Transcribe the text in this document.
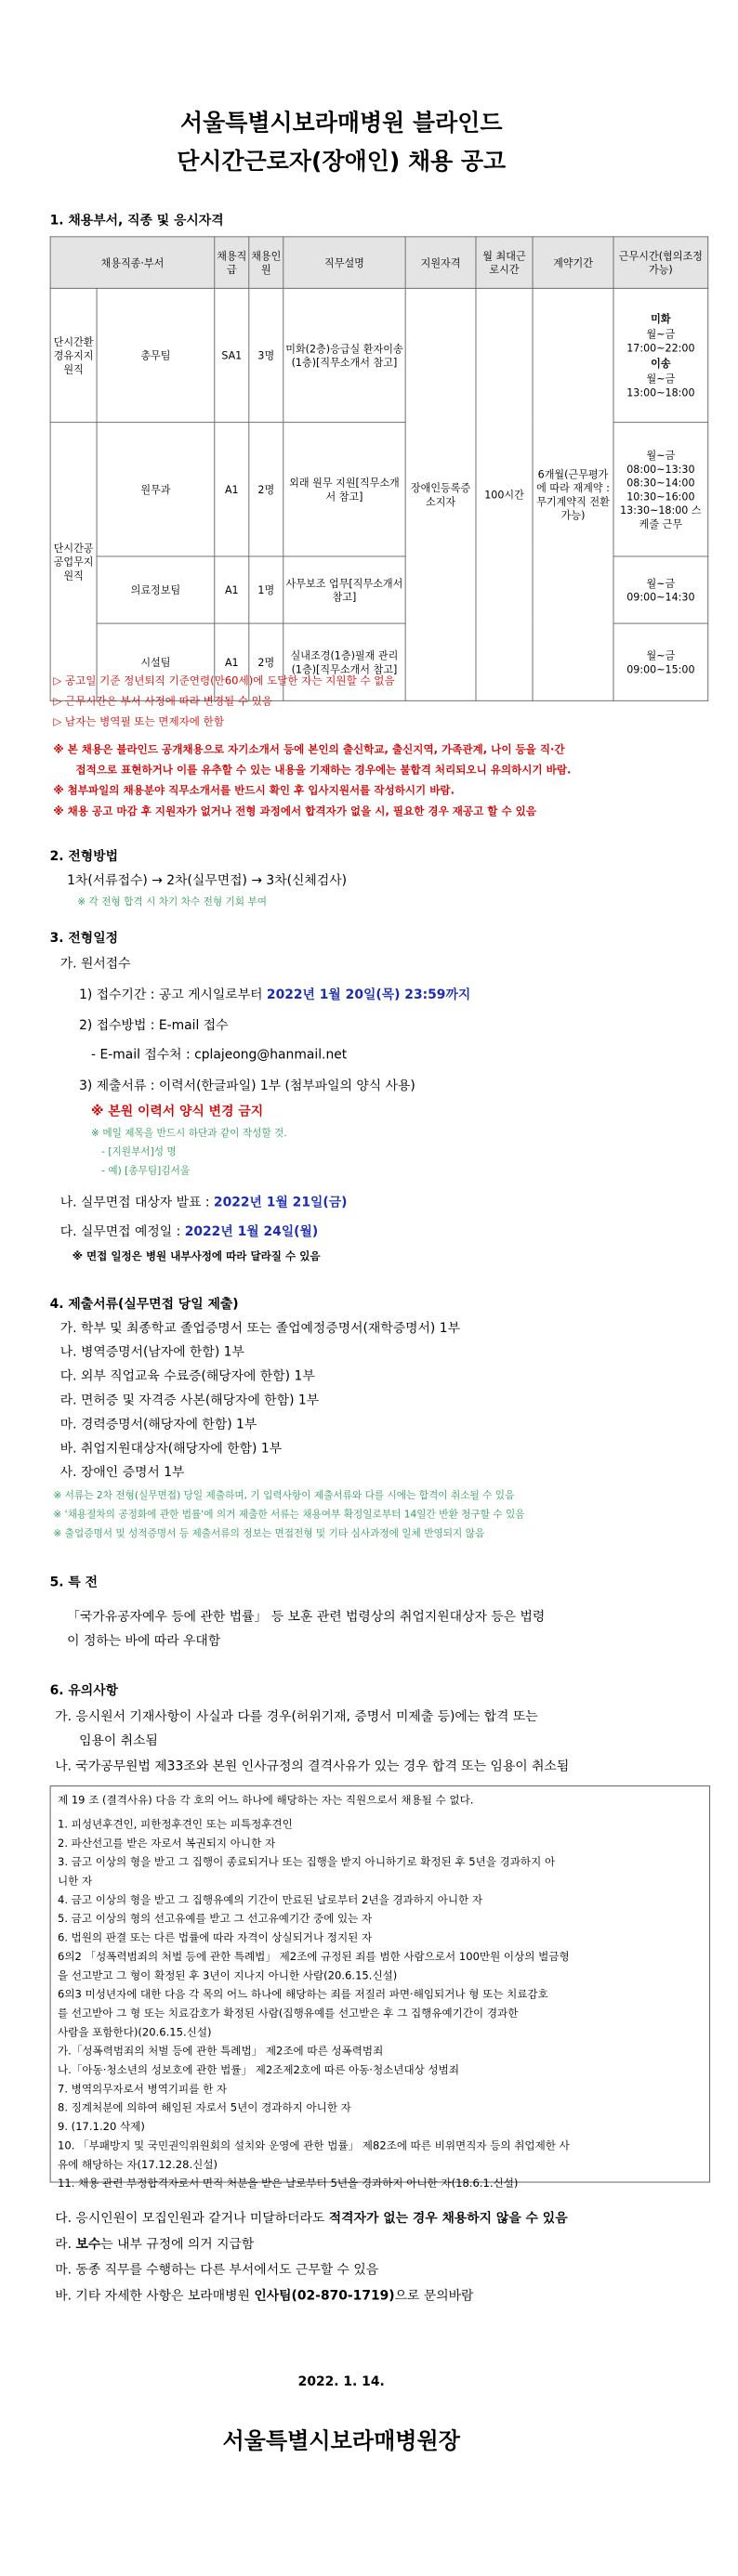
서울특별시보라매병원 블라인드
단시간근로자(장애인) 채용 공고
1. 채용부서, 직종 및 응시자격
채용직종·부서		채용직급	채용인원	직무설명	지원자격	월 최대근로시간	계약기간	근무시간(협의조정가능)
단시간환경유지지원직	총무팀	SA1	3명	미화(2층)응급실 환자이송(1층)[직무소개서 참고]	장애인등록증 소지자	100시간	6개월(근무평가에 따라 재계약 : 무기계약직 전환 가능)	미화
월~금 17:00~22:00
이송
월~금 13:00~18:00

단시간공공업무지원직	원무과	A1	2명	외래 원무 지원[직무소개서 참고]				월~금 08:00~13:30 08:30~14:00 10:30~16:00 13:30~18:00 스케줄 근무
	의료정보팀	A1	1명	사무보조 업무[직무소개서 참고]				월~금 09:00~14:30
	시설팀	A1	2명	실내조경(1층)필재 관리(1층)[직무소개서 참고]				월~금 09:00~15:00
▷ 공고일 기준 정년퇴직 기준연령(만60세)에 도달한 자는 지원할 수 없음
▷ 근무시간은 부서 사정에 따라 변경될 수 있음
▷ 남자는 병역필 또는 면제자에 한함
※ 본 채용은 블라인드 공개채용으로 자기소개서 등에 본인의 출신학교, 출신지역, 가족관계, 나이 등을 직·간
접적으로 표현하거나 이를 유추할 수 있는 내용을 기재하는 경우에는 불합격 처리되오니 유의하시기 바람.
※ 첨부파일의 채용분야 직무소개서를 반드시 확인 후 입사지원서를 작성하시기 바람.
※ 채용 공고 마감 후 지원자가 없거나 전형 과정에서 합격자가 없을 시, 필요한 경우 재공고 할 수 있음
2. 전형방법
1차(서류접수) → 2차(실무면접) → 3차(신체검사)
※ 각 전형 합격 시 차기 차수 전형 기회 부여
3. 전형일정
가. 원서접수
1) 접수기간 : 공고 게시일로부터 2022년 1월 20일(목) 23:59까지
2) 접수방법 : E-mail 접수
- E-mail 접수처 : cplajeong@hanmail.net
3) 제출서류 : 이력서(한글파일) 1부 (첨부파일의 양식 사용)
※ 본원 이력서 양식 변경 금지
※ 메일 제목을 반드시 하단과 같이 작성할 것.
- [지원부서]성 명
- 예) [총무팀]김서울
나. 실무면접 대상자 발표 : 2022년 1월 21일(금)
다. 실무면접 예정일 : 2022년 1월 24일(월)
※ 면접 일정은 병원 내부사정에 따라 달라질 수 있음
4. 제출서류(실무면접 당일 제출)
가. 학부 및 최종학교 졸업증명서 또는 졸업예정증명서(재학증명서) 1부
나. 병역증명서(남자에 한함) 1부
다. 외부 직업교육 수료증(해당자에 한함) 1부
라. 면허증 및 자격증 사본(해당자에 한함) 1부
마. 경력증명서(해당자에 한함) 1부
바. 취업지원대상자(해당자에 한함) 1부
사. 장애인 증명서 1부
※ 서류는 2차 전형(실무면접) 당일 제출하며, 기 입력사항이 제출서류와 다를 시에는 합격이 취소될 수 있음
※ '채용절차의 공정화에 관한 법률'에 의거 제출한 서류는 채용여부 확정일로부터 14일간 반환 청구할 수 있음
※ 출업증명서 및 성적증명서 등 제출서류의 정보는 면접전형 및 기타 심사과정에 일체 반영되지 않음
5. 특 전
「국가유공자예우 등에 관한 법률」 등 보훈 관련 법령상의 취업지원대상자 등은 법령
이 정하는 바에 따라 우대함
6. 유의사항
가. 응시원서 기재사항이 사실과 다를 경우(허위기재, 증명서 미제출 등)에는 합격 또는
임용이 취소됨
나. 국가공무원법 제33조와 본원 인사규정의 결격사유가 있는 경우 합격 또는 임용이 취소됨
제 19 조 (결격사유) 다음 각 호의 어느 하나에 해당하는 자는 직원으로서 채용될 수 없다.
1. 피성년후견인, 피한정후견인 또는 피특정후견인
2. 파산선고를 받은 자로서 복권되지 아니한 자
3. 금고 이상의 형을 받고 그 집행이 종료되거나 또는 집행을 받지 아니하기로 확정된 후 5년을 경과하지 아
니한 자
4. 금고 이상의 형을 받고 그 집행유예의 기간이 만료된 날로부터 2년을 경과하지 아니한 자
5. 금고 이상의 형의 선고유예를 받고 그 선고유예기간 중에 있는 자
6. 법원의 판결 또는 다른 법률에 따라 자격이 상실되거나 정지된 자
6의2 「성폭력범죄의 처벌 등에 관한 특례법」 제2조에 규정된 죄를 범한 사람으로서 100만원 이상의 벌금형
을 선고받고 그 형이 확정된 후 3년이 지나지 아니한 사람(20.6.15.신설)
6의3 미성년자에 대한 다음 각 목의 어느 하나에 해당하는 죄를 저질러 파면·해임되거나 형 또는 치료감호
를 선고받아 그 형 또는 치료감호가 확정된 사람(집행유예를 선고받은 후 그 집행유예기간이 경과한
사람을 포함한다)(20.6.15.신설)
가.「성폭력범죄의 처벌 등에 관한 특례법」 제2조에 따른 성폭력범죄
나.「아동·청소년의 성보호에 관한 법률」 제2조제2호에 따른 아동·청소년대상 성범죄
7. 병역의무자로서 병역기피를 한 자
8. 징계처분에 의하여 해임된 자로서 5년이 경과하지 아니한 자
9. (17.1.20 삭제)
10. 「부패방지 및 국민권익위원회의 설치와 운영에 관한 법률」 제82조에 따른 비위면직자 등의 취업제한 사
유에 해당하는 자(17.12.28.신설)
11. 채용 관련 부정합격자로서 면직 처분을 받은 날로부터 5년을 경과하지 아니한 자(18.6.1.신설)
다. 응시인원이 모집인원과 같거나 미달하더라도 적격자가 없는 경우 채용하지 않을 수 있음
라. 보수는 내부 규정에 의거 지급함
마. 동종 직무를 수행하는 다른 부서에서도 근무할 수 있음
바. 기타 자세한 사항은 보라매병원 인사팀(02-870-1719)으로 문의바람
2022. 1. 14.
서울특별시보라매병원장
